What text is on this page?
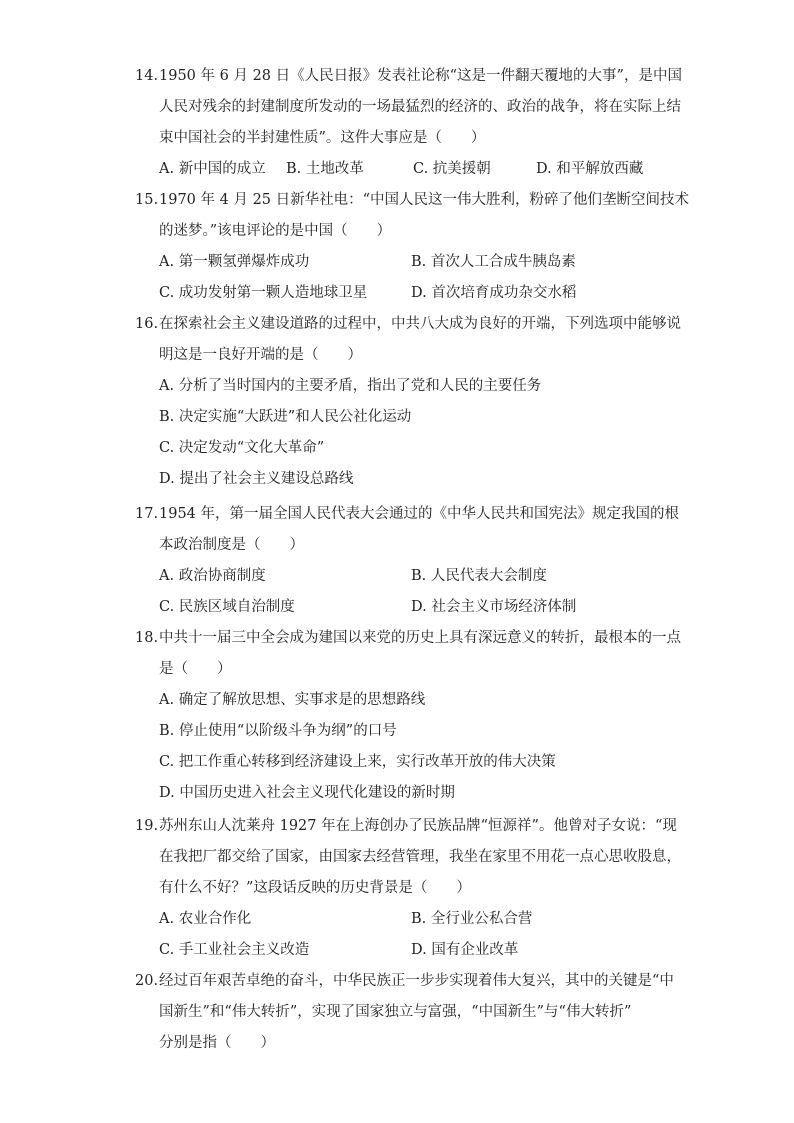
14.1950 年 6 月 28 日《人民日报》发表社论称“这是一件翻天覆地的大事”，是中国
人民对残余的封建制度所发动的一场最猛烈的经济的、政治的战争，将在实际上结
束中国社会的半封建性质”。这件大事应是（　　）
A. 新中国的成立 B. 土地改革	C. 抗美援朝	D. 和平解放西藏
15.1970 年 4 月 25 日新华社电：“中国人民这一伟大胜利，粉碎了他们垄断空间技术
的迷梦。”该电评论的是中国（　　）
A. 第一颗氢弹爆炸成功	B. 首次人工合成牛胰岛素
C. 成功发射第一颗人造地球卫星	D. 首次培育成功杂交水稻
16.在探索社会主义建设道路的过程中，中共八大成为良好的开端，下列选项中能够说
明这是一良好开端的是（　　）
A. 分析了当时国内的主要矛盾，指出了党和人民的主要任务
B. 决定实施“大跃进”和人民公社化运动
C. 决定发动“文化大革命”
D. 提出了社会主义建设总路线
17.1954 年，第一届全国人民代表大会通过的《中华人民共和国宪法》规定我国的根
本政治制度是（　　）
A. 政治协商制度	B. 人民代表大会制度
C. 民族区域自治制度	D. 社会主义市场经济体制
18.中共十一届三中全会成为建国以来党的历史上具有深远意义的转折，最根本的一点
是（　　）
A. 确定了解放思想、实事求是的思想路线
B. 停止使用“以阶级斗争为纲”的口号
C. 把工作重心转移到经济建设上来，实行改革开放的伟大决策
D. 中国历史进入社会主义现代化建设的新时期
19.苏州东山人沈莱舟 1927 年在上海创办了民族品牌“恒源祥”。他曾对子女说：“现
在我把厂都交给了国家，由国家去经营管理，我坐在家里不用花一点心思收股息，
有什么不好？”这段话反映的历史背景是（　　）
A. 农业合作化	B. 全行业公私合营
C. 手工业社会主义改造	D. 国有企业改革
20.经过百年艰苦卓绝的奋斗，中华民族正一步步实现着伟大复兴，其中的关键是“中
国新生”和“伟大转折”，实现了国家独立与富强，“中国新生”与“伟大转折”
分别是指（　　）
